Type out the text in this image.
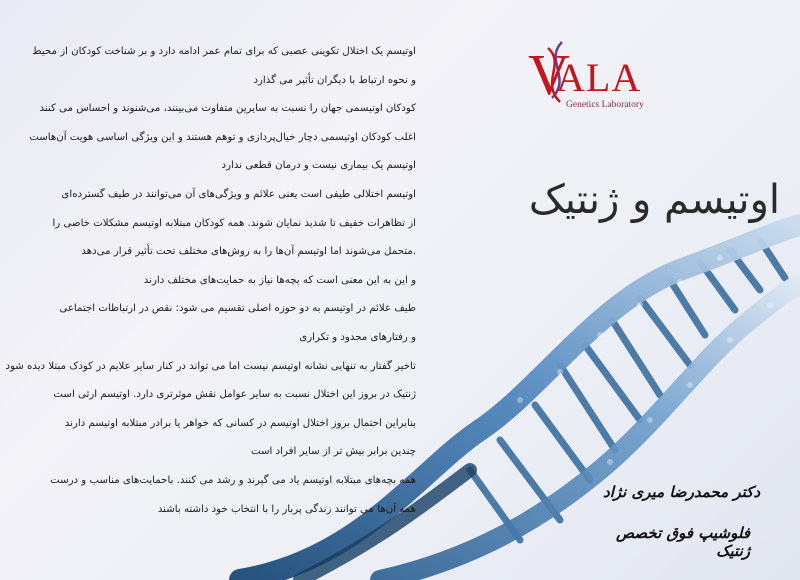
V
ALA
Genetics Laboratory
اوتیسم و ژنتیک
اوتیسم یک اختلال تکوینی عصبی که برای تمام عمر ادامه دارد و بر شناخت کودکان از محیط
و نحوه ارتباط با دیگران تأثیر می گذارد
کودکان اوتیسمی جهان را نسبت به سایرین متفاوت می‌بینند، می‌شنوند و احساس می کنند
اغلب کودکان اوتیسمی دچار خیال‌پردازی و توهم هستند و این ویژگی اساسی هویت آن‌هاست
اوتیسم یک بیماری نیست و درمان قطعی ندارد
اوتیسم اختلالی طیفی است یعنی علائم و ویژگی‌های آن می‌توانند در طیف گسترده‌ای
از تظاهرات خفیف تا شدید نمایان شوند. همه کودکان مبتلابه اوتیسم مشکلات خاصی را
.متحمل می‌شوند اما اوتیسم آن‌ها را به روش‌های مختلف تحت تأثیر قرار می‌دهد
و این به این معنی است که بچه‌ها نیاز به حمایت‌های مختلف دارند
طیف علائم در اوتیسم به دو حوزه اصلی تقسیم می شود: نقص در ارتباطات اجتماعی
و رفتارهای محدود و تکراری
تاخیر گفتار به تنهایی نشانه اوتیسم نیست اما می تواند در کنار سایر علایم در کودک مبتلا دیده شود
ژنتیک در بروز این اختلال نسبت به سایر عوامل نقش موثرتری دارد. اوتیسم ارثی است
بنابراین احتمال بروز اختلال اوتیسم در کسانی که خواهر یا برادر مبتلابه اوتیسم دارند
چندین برابر بیش تر از سایر افراد است
همه بچه‌های مبتلابه اوتیسم یاد می گیرند و رشد می کنند. باحمایت‌های مناسب و درست
همه آن‌ها می توانند زندگی پربار را با انتخاب خود داشته باشند
دکتر محمدرضا میری نژاد
فلوشیپ فوق تخصص ژنتیک
